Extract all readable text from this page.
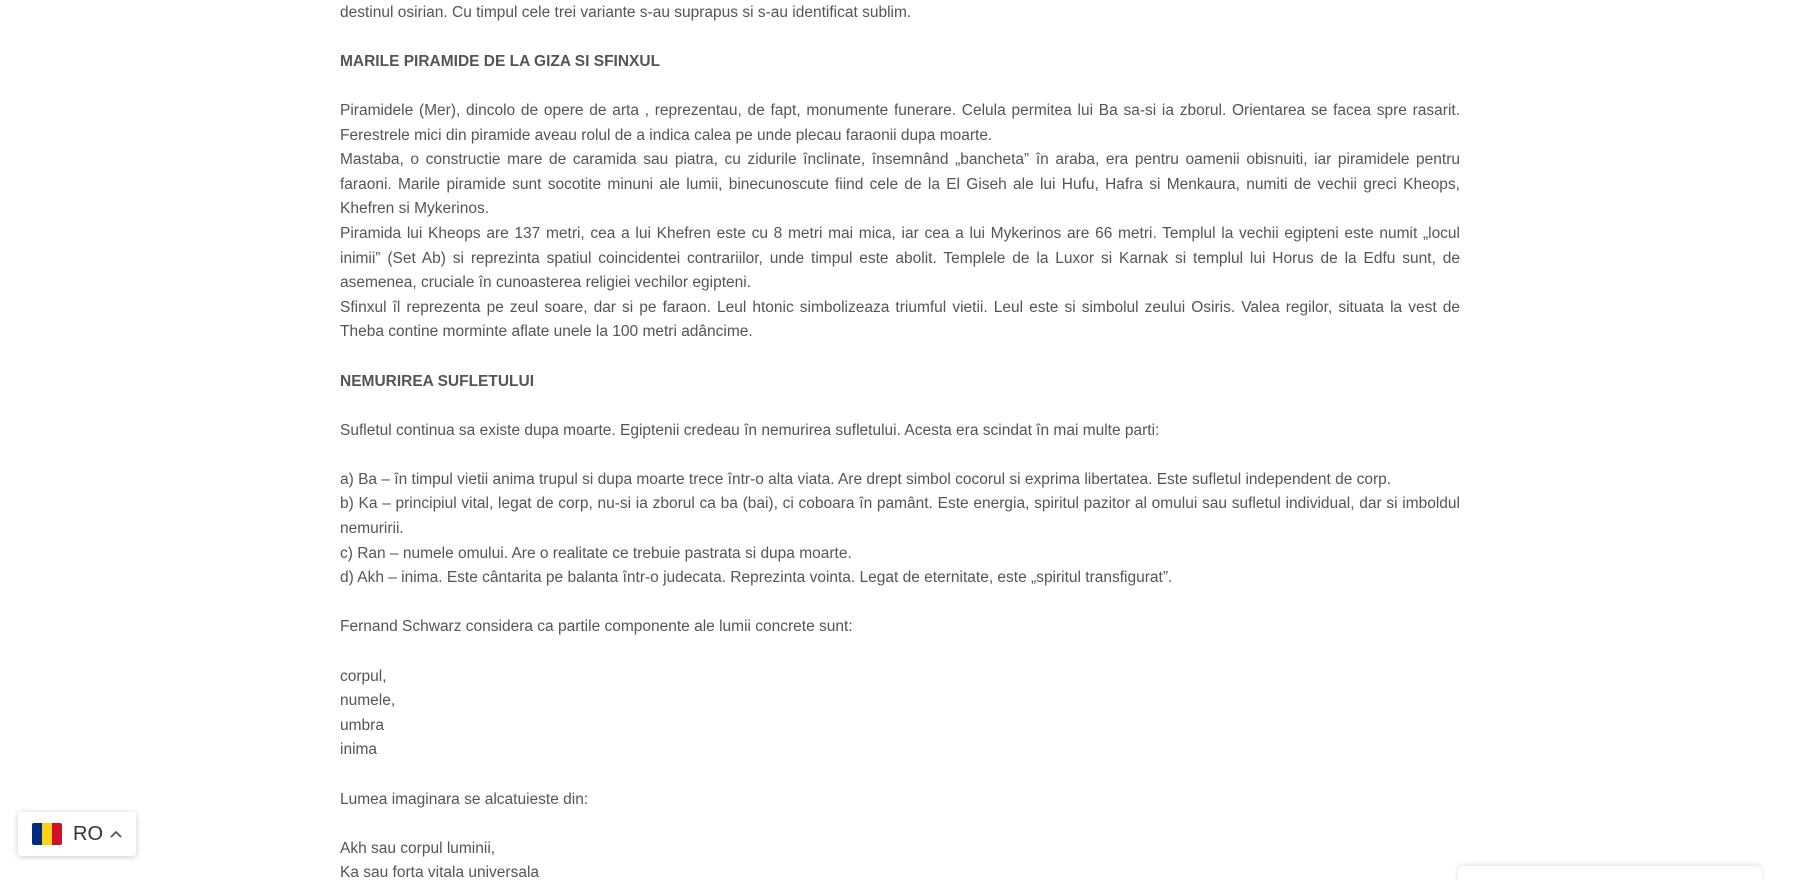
destinul osirian. Cu timpul cele trei variante s-au suprapus si s-au identificat sublim.

MARILE PIRAMIDE DE LA GIZA SI SFINXUL

Piramidele (Mer), dincolo de opere de arta , reprezentau, de fapt, monumente funerare. Celula permitea lui Ba sa-si ia zborul. Orientarea se facea spre rasarit. Ferestrele mici din piramide aveau rolul de a indica calea pe unde plecau faraonii dupa moarte.

Mastaba, o constructie mare de caramida sau piatra, cu zidurile înclinate, însemnând „bancheta” în araba, era pentru oamenii obisnuiti, iar piramidele pentru faraoni. Marile piramide sunt socotite minuni ale lumii, binecunoscute fiind cele de la El Giseh ale lui Hufu, Hafra si Menkaura, numiti de vechii greci Kheops, Khefren si Mykerinos.

Piramida lui Kheops are 137 metri, cea a lui Khefren este cu 8 metri mai mica, iar cea a lui Mykerinos are 66 metri. Templul la vechii egipteni este numit „locul inimii” (Set Ab) si reprezinta spatiul coincidentei contrariilor, unde timpul este abolit. Templele de la Luxor si Karnak si templul lui Horus de la Edfu sunt, de asemenea, cruciale în cunoasterea religiei vechilor egipteni.

Sfinxul îl reprezenta pe zeul soare, dar si pe faraon. Leul htonic simbolizeaza triumful vietii. Leul este si simbolul zeului Osiris. Valea regilor, situata la vest de Theba contine morminte aflate unele la 100 metri adâncime.

NEMURIREA SUFLETULUI

Sufletul continua sa existe dupa moarte. Egiptenii credeau în nemurirea sufletului. Acesta era scindat în mai multe parti:

a) Ba – în timpul vietii anima trupul si dupa moarte trece într-o alta viata. Are drept simbol cocorul si exprima libertatea. Este sufletul independent de corp.

b) Ka – principiul vital, legat de corp, nu-si ia zborul ca ba (bai), ci coboara în pamânt. Este energia, spiritul pazitor al omului sau sufletul individual, dar si imboldul nemuririi.

c) Ran – numele omului. Are o realitate ce trebuie pastrata si dupa moarte.

d) Akh – inima. Este cântarita pe balanta într-o judecata. Reprezinta vointa. Legat de eternitate, este „spiritul transfigurat”.

Fernand Schwarz considera ca partile componente ale lumii concrete sunt:

corpul,

numele,

umbra

inima

Lumea imaginara se alcatuieste din:

Akh sau corpul luminii,

Ka sau forta vitala universala

RO
